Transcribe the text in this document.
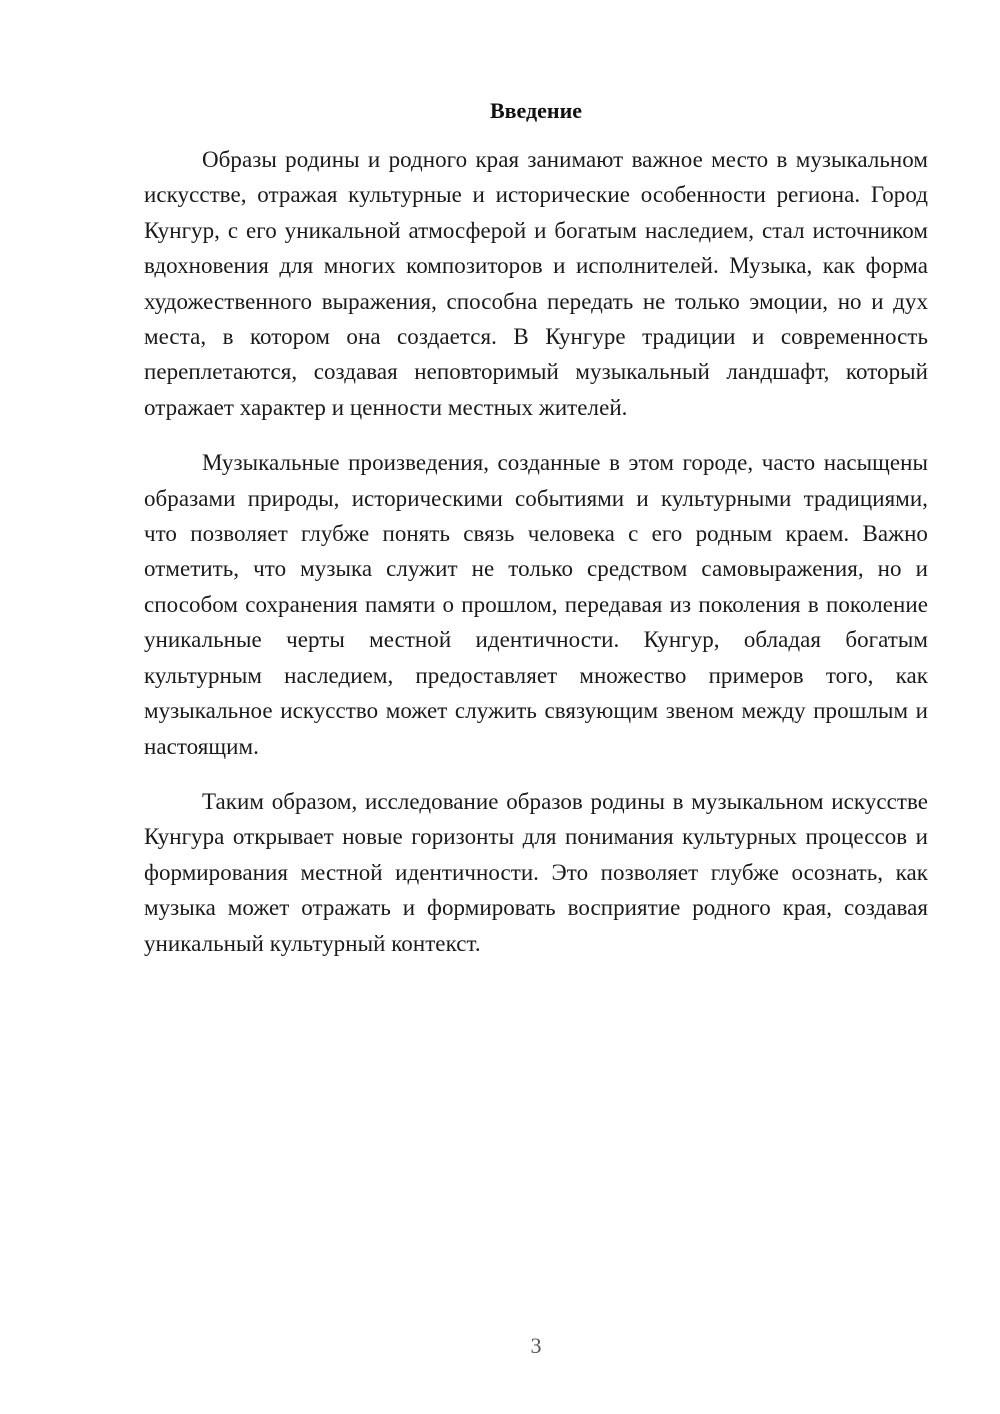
Введение

Образы родины и родного края занимают важное место в музыкальном искусстве, отражая культурные и исторические особенности региона. Город Кунгур, с его уникальной атмосферой и богатым наследием, стал источником вдохновения для многих композиторов и исполнителей. Музыка, как форма художественного выражения, способна передать не только эмоции, но и дух места, в котором она создается. В Кунгуре традиции и современность переплетаются, создавая неповторимый музыкальный ландшафт, который отражает характер и ценности местных жителей.

Музыкальные произведения, созданные в этом городе, часто насыщены образами природы, историческими событиями и культурными традициями, что позволяет глубже понять связь человека с его родным краем. Важно отметить, что музыка служит не только средством самовыражения, но и способом сохранения памяти о прошлом, передавая из поколения в поколение уникальные черты местной идентичности. Кунгур, обладая богатым культурным наследием, предоставляет множество примеров того, как музыкальное искусство может служить связующим звеном между прошлым и настоящим.

Таким образом, исследование образов родины в музыкальном искусстве Кунгура открывает новые горизонты для понимания культурных процессов и формирования местной идентичности. Это позволяет глубже осознать, как музыка может отражать и формировать восприятие родного края, создавая уникальный культурный контекст.

3
